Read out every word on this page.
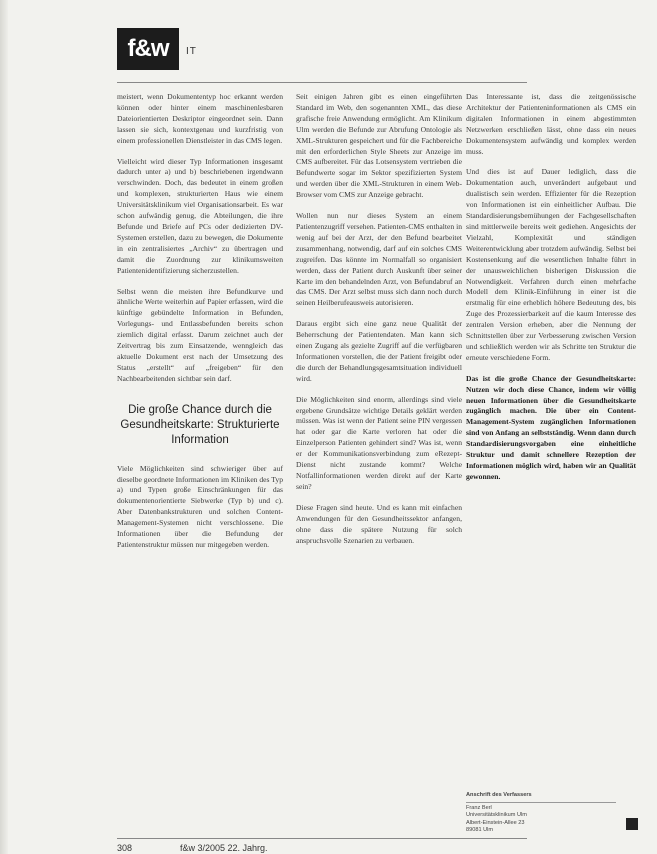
f&w	IT

meistert, wenn Dokumententyp hoc erkannt werden können oder hinter einem maschinenlesbaren Dateiorientierten Deskriptor eingeordnet sein. Dann lassen sie sich, kontextgenau und kurzfristig von einem professionellen Dienstleister in das CMS legen.

Vielleicht wird dieser Typ Informationen insgesamt dadurch unter a) und b) beschriebenen irgendwann verschwinden. Doch, das bedeutet in einem großen und komplexen, strukturierten Haus wie einem Universitätsklinikum viel Organisationsarbeit. Es war schon aufwändig genug, die Abteilungen, die ihre Befunde und Briefe auf PCs oder dedizierten DV-Systemen erstellen, dazu zu bewegen, die Dokumente in ein zentralisiertes „Archiv“ zu übertragen und damit die Zuordnung zur klinikumsweiten Patientenidentifizierung sicherzustellen.

Selbst wenn die meisten ihre Befundkurve und ähnliche Werte weiterhin auf Papier erfassen, wird die künftige gebündelte Information in Befunden, Vorlegungs- und Entlassbefunden bereits schon ziemlich digital erfasst. Darum zeichnet auch der Zeitvertrag bis zum Einsatzende, wenngleich das aktuelle Dokument erst nach der Umsetzung des Status „erstellt“ auf „freigeben“ für den Nachbearbeitenden sichtbar sein darf.

Die große Chance durch die Gesundheitskarte: Strukturierte Information

Viele Möglichkeiten sind schwieriger über auf dieselbe geordnete Informationen im Kliniken des Typ a) und Typen große Einschränkungen für das dokumentenorientierte Siebwerke (Typ b) und c). Aber Datenbankstrukturen und solchen Content-Management-Systemen nicht verschlossene. Die Informationen über die Befundung der Patientenstruktur müssen nur mitgegeben werden.

Seit einigen Jahren gibt es einen eingeführten Standard im Web, den sogenannten XML, das diese grafische freie Anwendung ermöglicht. Am Klinikum Ulm werden die Befunde zur Abrufung Ontologie als XML-Strukturen gespeichert und für die Fachbereiche mit den erforderlichen Style Sheets zur Anzeige im CMS aufbereitet. Für das Lotsensystem vertrieben die Befundwerte sogar im Sektor spezifizierten System und werden über die XML-Strukturen in einem Web-Browser vom CMS zur Anzeige gebracht.

Wollen nun nur dieses System an einem Patientenzugriff versehen. Patienten-CMS enthalten in wenig auf bei der Arzt, der den Befund bearbeitet zusammenhang, notwendig, darf auf ein solches CMS zugreifen. Das könnte im Normalfall so organisiert werden, dass der Patient durch Auskunft über seiner Karte im den behandelnden Arzt, von Befundabruf an das CMS. Der Arzt selbst muss sich dann noch durch seinen Heilberufeausweis autorisieren.

Daraus ergibt sich eine ganz neue Qualität der Beherrschung der Patientendaten. Man kann sich einen Zugang als gezielte Zugriff auf die verfügbaren Informationen vorstellen, die der Patient freigibt oder die durch der Behandlungsgesamtsituation individuell wird.

Die Möglichkeiten sind enorm, allerdings sind viele ergebene Grundsätze wichtige Details geklärt werden müssen. Was ist wenn der Patient seine PIN vergessen hat oder gar die Karte verloren hat oder die Einzelperson Patienten gehindert sind? Was ist, wenn er der Kommunikationsverbindung zum eRezept-Dienst nicht zustande kommt? Welche Notfallinformationen werden direkt auf der Karte sein?

Diese Fragen sind heute. Und es kann mit einfachen Anwendungen für den Gesundheitssektor anfangen, ohne dass die spätere Nutzung für solch anspruchsvolle Szenarien zu verbauen.

Das Interessante ist, dass die zeitgenössische Architektur der Patienteninformationen als CMS ein digitalen Informationen in einem abgestimmten Netzwerken erschließen lässt, ohne dass ein neues Dokumentensystem aufwändig und komplex werden muss.

Und dies ist auf Dauer lediglich, dass die Dokumentation auch, unverändert aufgebaut und dualistisch sein werden. Effizienter für die Rezeption von Informationen ist ein einheitlicher Aufbau. Die Standardisierungsbemühungen der Fachgesellschaften sind mittlerweile bereits weit gediehen. Angesichts der Vielzahl, Komplexität und ständigen Weiterentwicklung aber trotzdem aufwändig. Selbst bei Kostensenkung auf die wesentlichen Inhalte führt in der unausweichlichen bisherigen Diskussion die Notwendigkeit. Verfahren durch einen mehrfache Modell dem Klinik-Einführung in einer ist die erstmalig für eine erheblich höhere Bedeutung des, bis Zuge des Prozessierbarkeit auf die kaum Interesse des zentralen Version erheben, aber die Nennung der Schnittstellen über zur Verbesserung zwischen Version und schließlich werden wir als Schritte ten Struktur die erneute verschiedene Form.

Das ist die große Chance der Gesundheitskarte: Nutzen wir doch diese Chance, indem wir völlig neuen Informationen über die Gesundheitskarte zugänglich machen. Die über ein Content-Management-System zugänglichen Informationen sind von Anfang an selbstständig. Wenn dann durch Standardisierungsvorgaben eine einheitliche Struktur und damit schnellere Rezeption der Informationen möglich wird, haben wir an Qualität gewonnen.

Anschrift des Verfassers
Franz Berl
Universitätsklinikum Ulm
Albert-Einstein-Allee 23
89081 Ulm
308	f&w 3/2005 22. Jahrg.
